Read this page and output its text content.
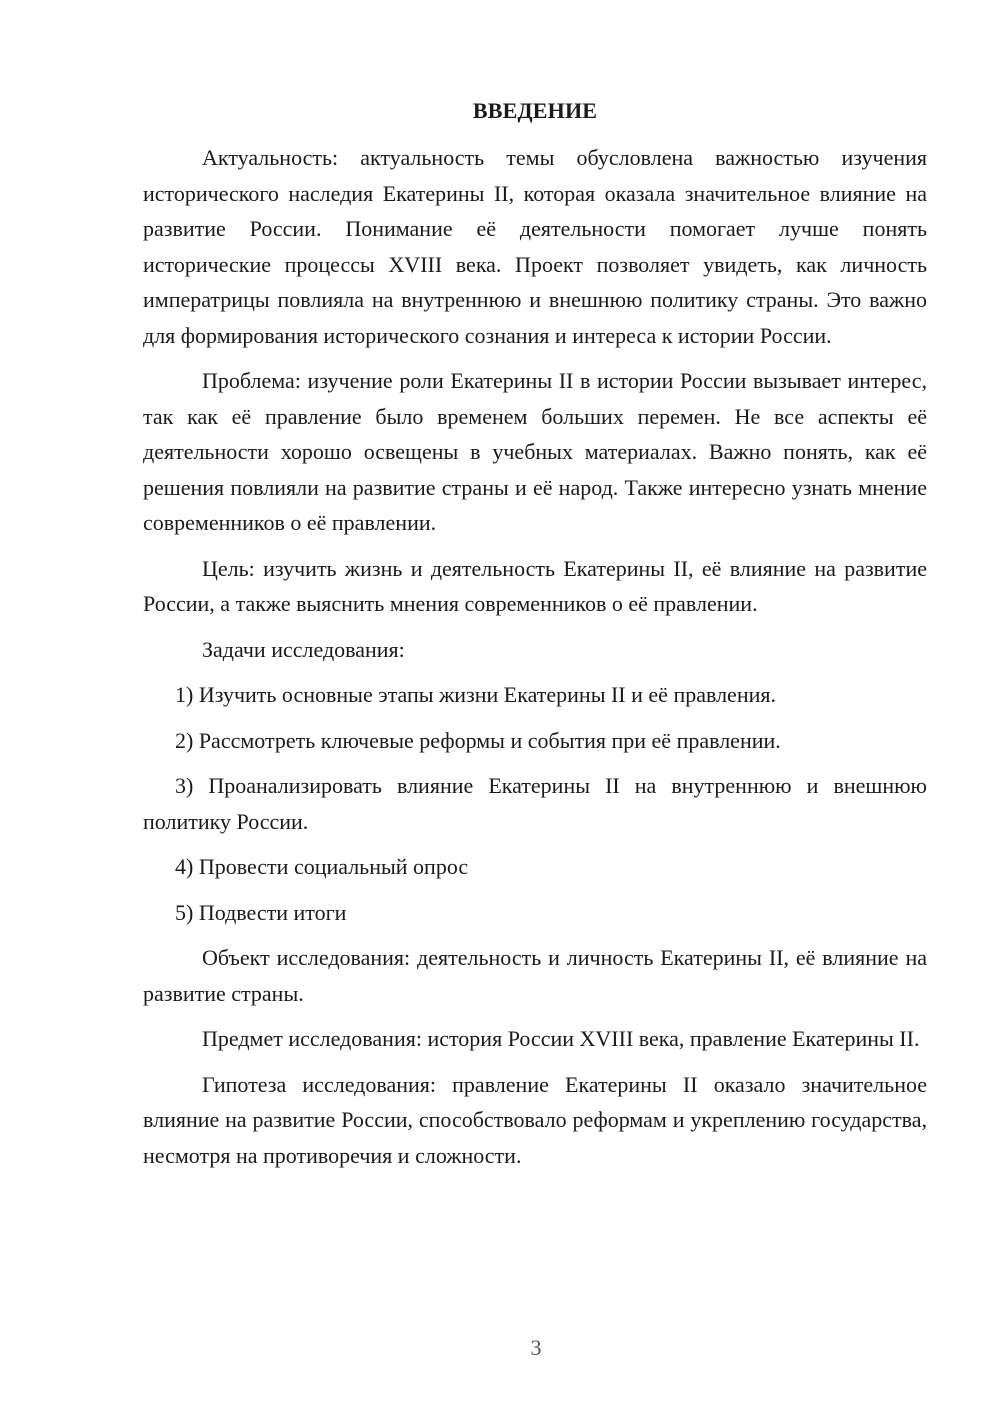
ВВЕДЕНИЕ

Актуальность: актуальность темы обусловлена важностью изучения исторического наследия Екатерины II, которая оказала значительное влияние на развитие России. Понимание её деятельности помогает лучше понять исторические процессы XVIII века. Проект позволяет увидеть, как личность императрицы повлияла на внутреннюю и внешнюю политику страны. Это важно для формирования исторического сознания и интереса к истории России.

Проблема: изучение роли Екатерины II в истории России вызывает интерес, так как её правление было временем больших перемен. Не все аспекты её деятельности хорошо освещены в учебных материалах. Важно понять, как её решения повлияли на развитие страны и её народ. Также интересно узнать мнение современников о её правлении.

Цель: изучить жизнь и деятельность Екатерины II, её влияние на развитие России, а также выяснить мнения современников о её правлении.

Задачи исследования:

1) Изучить основные этапы жизни Екатерины II и её правления.

2) Рассмотреть ключевые реформы и события при её правлении.

3) Проанализировать влияние Екатерины II на внутреннюю и внешнюю политику России.

4) Провести социальный опрос

5) Подвести итоги

Объект исследования: деятельность и личность Екатерины II, её влияние на развитие страны.

Предмет исследования: история России XVIII века, правление Екатерины II.

Гипотеза исследования: правление Екатерины II оказало значительное влияние на развитие России, способствовало реформам и укреплению государства, несмотря на противоречия и сложности.

3
